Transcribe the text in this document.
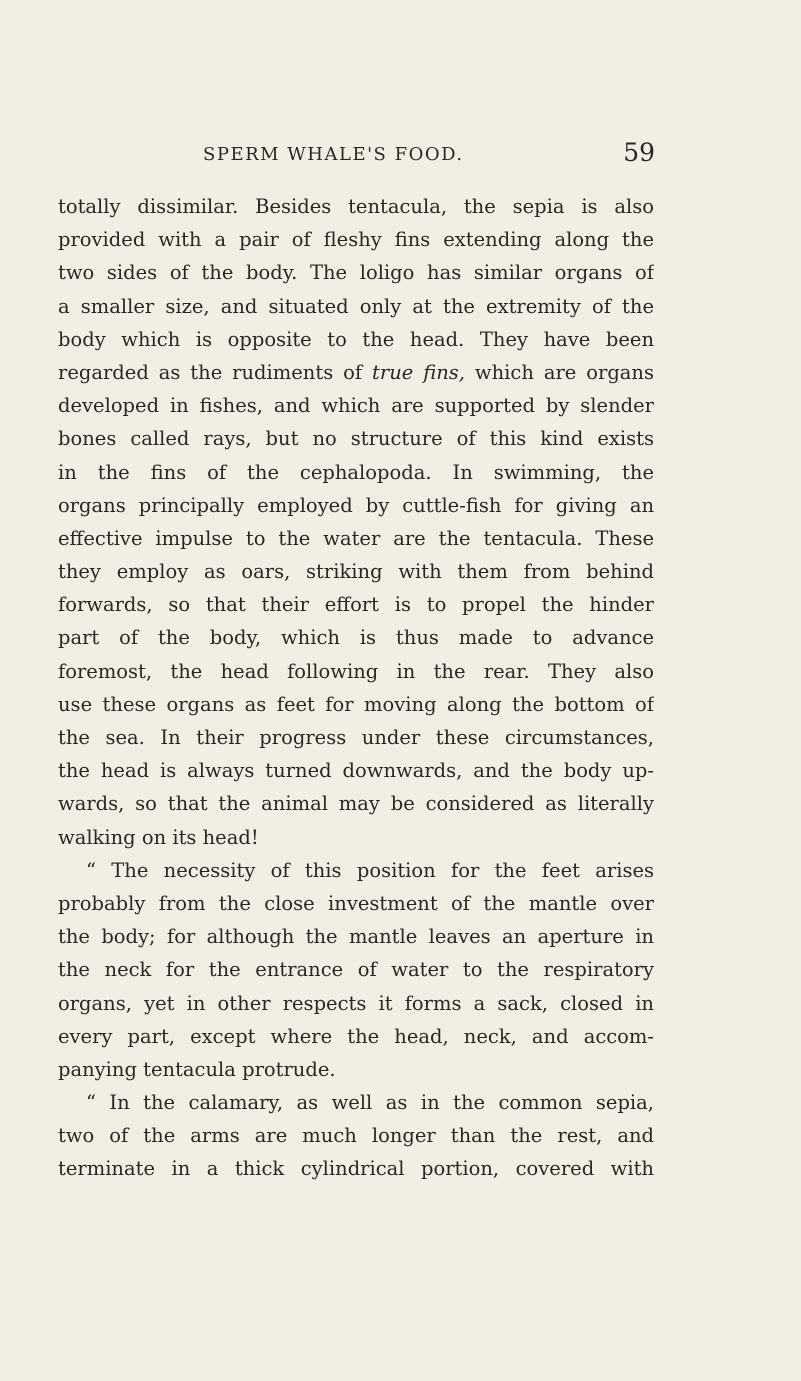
SPERM WHALE'S FOOD.	59
totally dissimilar. Besides tentacula, the sepia is also
provided with a pair of fleshy fins extending along the
two sides of the body. The loligo has similar organs of
a smaller size, and situated only at the extremity of the
body which is opposite to the head. They have been
regarded as the rudiments of true fins, which are organs
developed in fishes, and which are supported by slender
bones called rays, but no structure of this kind exists
in the fins of the cephalopoda. In swimming, the
organs principally employed by cuttle-fish for giving an
effective impulse to the water are the tentacula. These
they employ as oars, striking with them from behind
forwards, so that their effort is to propel the hinder
part of the body, which is thus made to advance
foremost, the head following in the rear. They also
use these organs as feet for moving along the bottom of
the sea. In their progress under these circumstances,
the head is always turned downwards, and the body up-
wards, so that the animal may be considered as literally
walking on its head!
“ The necessity of this position for the feet arises
probably from the close investment of the mantle over
the body; for although the mantle leaves an aperture in
the neck for the entrance of water to the respiratory
organs, yet in other respects it forms a sack, closed in
every part, except where the head, neck, and accom-
panying tentacula protrude.
“ In the calamary, as well as in the common sepia,
two of the arms are much longer than the rest, and
terminate in a thick cylindrical portion, covered with
